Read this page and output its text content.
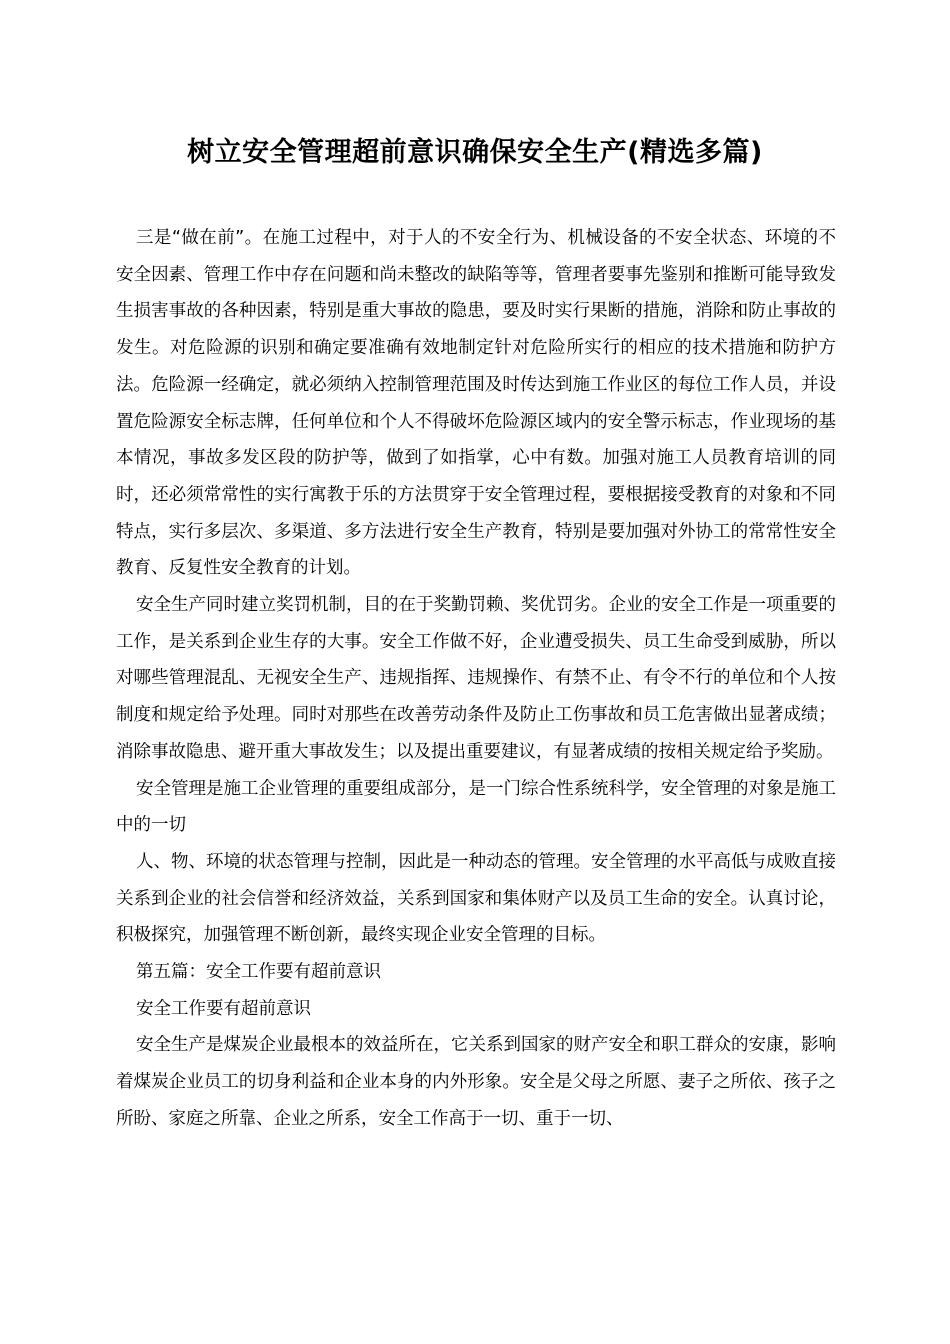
树立安全管理超前意识确保安全生产(精选多篇)

三是“做在前”。在施工过程中，对于人的不安全行为、机械设备的不安全状态、环境的不安全因素、管理工作中存在问题和尚未整改的缺陷等等，管理者要事先鉴别和推断可能导致发生损害事故的各种因素，特别是重大事故的隐患，要及时实行果断的措施，消除和防止事故的发生。对危险源的识别和确定要准确有效地制定针对危险所实行的相应的技术措施和防护方法。危险源一经确定，就必须纳入控制管理范围及时传达到施工作业区的每位工作人员，并设置危险源安全标志牌，任何单位和个人不得破坏危险源区域内的安全警示标志，作业现场的基本情况，事故多发区段的防护等，做到了如指掌，心中有数。加强对施工人员教育培训的同时，还必须常常性的实行寓教于乐的方法贯穿于安全管理过程，要根据接受教育的对象和不同特点，实行多层次、多渠道、多方法进行安全生产教育，特别是要加强对外协工的常常性安全教育、反复性安全教育的计划。

安全生产同时建立奖罚机制，目的在于奖勤罚赖、奖优罚劣。企业的安全工作是一项重要的工作，是关系到企业生存的大事。安全工作做不好，企业遭受损失、员工生命受到威胁，所以对哪些管理混乱、无视安全生产、违规指挥、违规操作、有禁不止、有令不行的单位和个人按制度和规定给予处理。同时对那些在改善劳动条件及防止工伤事故和员工危害做出显著成绩；消除事故隐患、避开重大事故发生；以及提出重要建议，有显著成绩的按相关规定给予奖励。

安全管理是施工企业管理的重要组成部分，是一门综合性系统科学，安全管理的对象是施工中的一切

人、物、环境的状态管理与控制，因此是一种动态的管理。安全管理的水平高低与成败直接关系到企业的社会信誉和经济效益，关系到国家和集体财产以及员工生命的安全。认真讨论，积极探究，加强管理不断创新，最终实现企业安全管理的目标。

第五篇：安全工作要有超前意识

安全工作要有超前意识

安全生产是煤炭企业最根本的效益所在，它关系到国家的财产安全和职工群众的安康，影响着煤炭企业员工的切身利益和企业本身的内外形象。安全是父母之所愿、妻子之所依、孩子之所盼、家庭之所靠、企业之所系，安全工作高于一切、重于一切、
